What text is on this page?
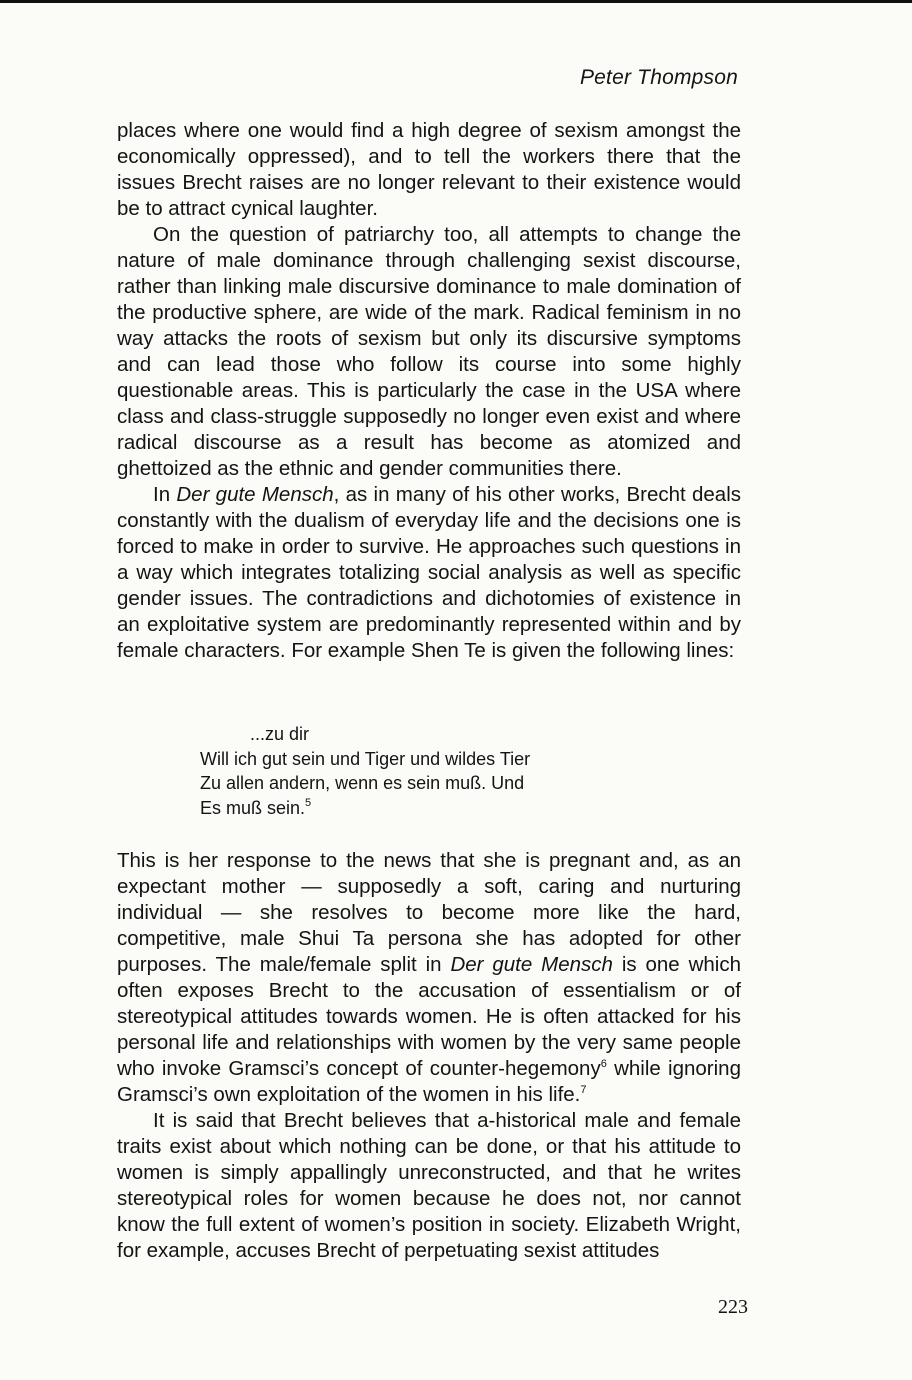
Peter Thompson

places where one would find a high degree of sexism amongst the economically oppressed), and to tell the workers there that the issues Brecht raises are no longer relevant to their existence would be to attract cynical laughter.

On the question of patriarchy too, all attempts to change the nature of male dominance through challenging sexist discourse, rather than linking male discursive dominance to male domination of the productive sphere, are wide of the mark. Radical feminism in no way attacks the roots of sexism but only its discursive symptoms and can lead those who follow its course into some highly questionable areas. This is particularly the case in the USA where class and class-struggle supposedly no longer even exist and where radical discourse as a result has become as atomized and ghettoized as the ethnic and gender communities there.

In Der gute Mensch, as in many of his other works, Brecht deals constantly with the dualism of everyday life and the decisions one is forced to make in order to survive. He approaches such questions in a way which integrates totalizing social analysis as well as specific gender issues. The contradictions and dichotomies of existence in an exploitative system are predominantly represented within and by female characters. For example Shen Te is given the following lines:

...zu dir
Will ich gut sein und Tiger und wildes Tier
Zu allen andern, wenn es sein muß. Und
Es muß sein.$^5$

This is her response to the news that she is pregnant and, as an expectant mother — supposedly a soft, caring and nurturing individual — she resolves to become more like the hard, competitive, male Shui Ta persona she has adopted for other purposes. The male/female split in Der gute Mensch is one which often exposes Brecht to the accusation of essentialism or of stereotypical attitudes towards women. He is often attacked for his personal life and relationships with women by the very same people who invoke Gramsci’s concept of counter-hegemony$^6$ while ignoring Gramsci’s own exploitation of the women in his life.$^7$

It is said that Brecht believes that a-historical male and female traits exist about which nothing can be done, or that his attitude to women is simply appallingly unreconstructed, and that he writes stereotypical roles for women because he does not, nor cannot know the full extent of women’s position in society. Elizabeth Wright, for example, accuses Brecht of perpetuating sexist attitudes

223
